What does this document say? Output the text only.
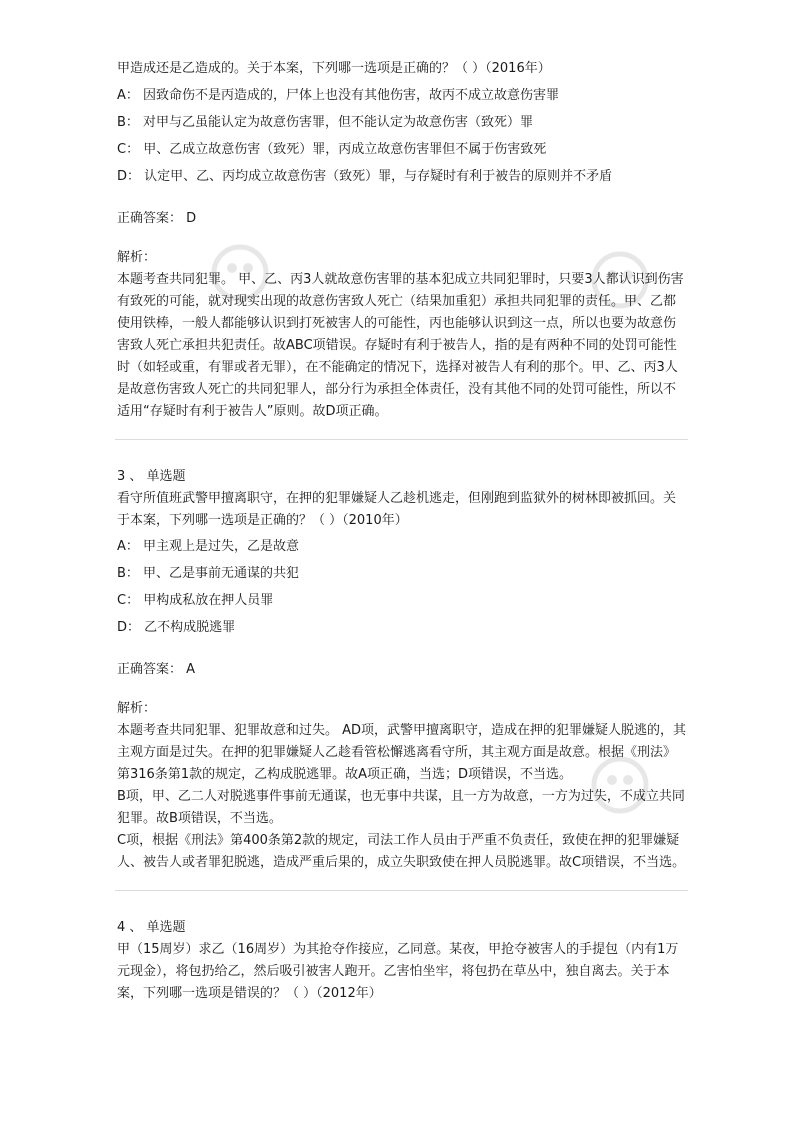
甲造成还是乙造成的。关于本案，下列哪一选项是正确的？（ ）（2016年）
A： 因致命伤不是丙造成的，尸体上也没有其他伤害，故丙不成立故意伤害罪
B： 对甲与乙虽能认定为故意伤害罪，但不能认定为故意伤害（致死）罪
C： 甲、乙成立故意伤害（致死）罪，丙成立故意伤害罪但不属于伤害致死
D： 认定甲、乙、丙均成立故意伤害（致死）罪，与存疑时有利于被告的原则并不矛盾
正确答案： D
解析：
本题考查共同犯罪。 甲、乙、丙3人就故意伤害罪的基本犯成立共同犯罪时，只要3人都认识到伤害有致死的可能，就对现实出现的故意伤害致人死亡（结果加重犯）承担共同犯罪的责任。甲、乙都使用铁棒，一般人都能够认识到打死被害人的可能性，丙也能够认识到这一点，所以也要为故意伤害致人死亡承担共犯责任。故ABC项错误。存疑时有利于被告人，指的是有两种不同的处罚可能性时（如轻或重，有罪或者无罪），在不能确定的情况下，选择对被告人有利的那个。甲、乙、丙3人是故意伤害致人死亡的共同犯罪人，部分行为承担全体责任，没有其他不同的处罚可能性，所以不适用“存疑时有利于被告人”原则。故D项正确。
3 、 单选题
看守所值班武警甲擅离职守，在押的犯罪嫌疑人乙趁机逃走，但刚跑到监狱外的树林即被抓回。关于本案，下列哪一选项是正确的？（ ）（2010年）
A： 甲主观上是过失，乙是故意
B： 甲、乙是事前无通谋的共犯
C： 甲构成私放在押人员罪
D： 乙不构成脱逃罪
正确答案： A
解析：
本题考查共同犯罪、犯罪故意和过失。 AD项，武警甲擅离职守，造成在押的犯罪嫌疑人脱逃的，其主观方面是过失。在押的犯罪嫌疑人乙趁看管松懈逃离看守所，其主观方面是故意。根据《刑法》第316条第1款的规定，乙构成脱逃罪。故A项正确，当选；D项错误，不当选。
B项，甲、乙二人对脱逃事件事前无通谋，也无事中共谋，且一方为故意，一方为过失，不成立共同犯罪。故B项错误，不当选。
C项，根据《刑法》第400条第2款的规定，司法工作人员由于严重不负责任，致使在押的犯罪嫌疑人、被告人或者罪犯脱逃，造成严重后果的，成立失职致使在押人员脱逃罪。故C项错误，不当选。
4 、 单选题
甲（15周岁）求乙（16周岁）为其抢夺作接应，乙同意。某夜，甲抢夺被害人的手提包（内有1万元现金），将包扔给乙，然后吸引被害人跑开。乙害怕坐牢，将包扔在草丛中，独自离去。关于本案，下列哪一选项是错误的？（ ）（2012年）
